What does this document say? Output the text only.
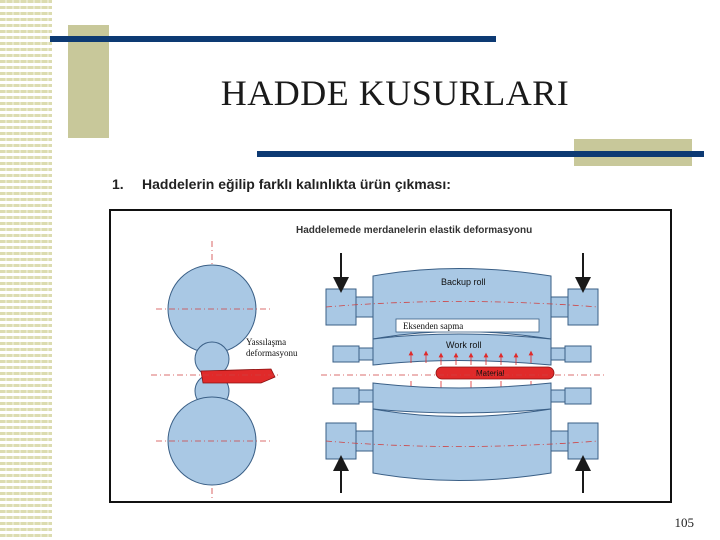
HADDE KUSURLARI
1. Haddelerin eğilip farklı kalınlıkta ürün çıkması:
Haddelemede merdanelerin elastik deformasyonu
Yassılaşma
deformasyonu
Backup roll
Work roll
Eksenden sapma
Material
105
